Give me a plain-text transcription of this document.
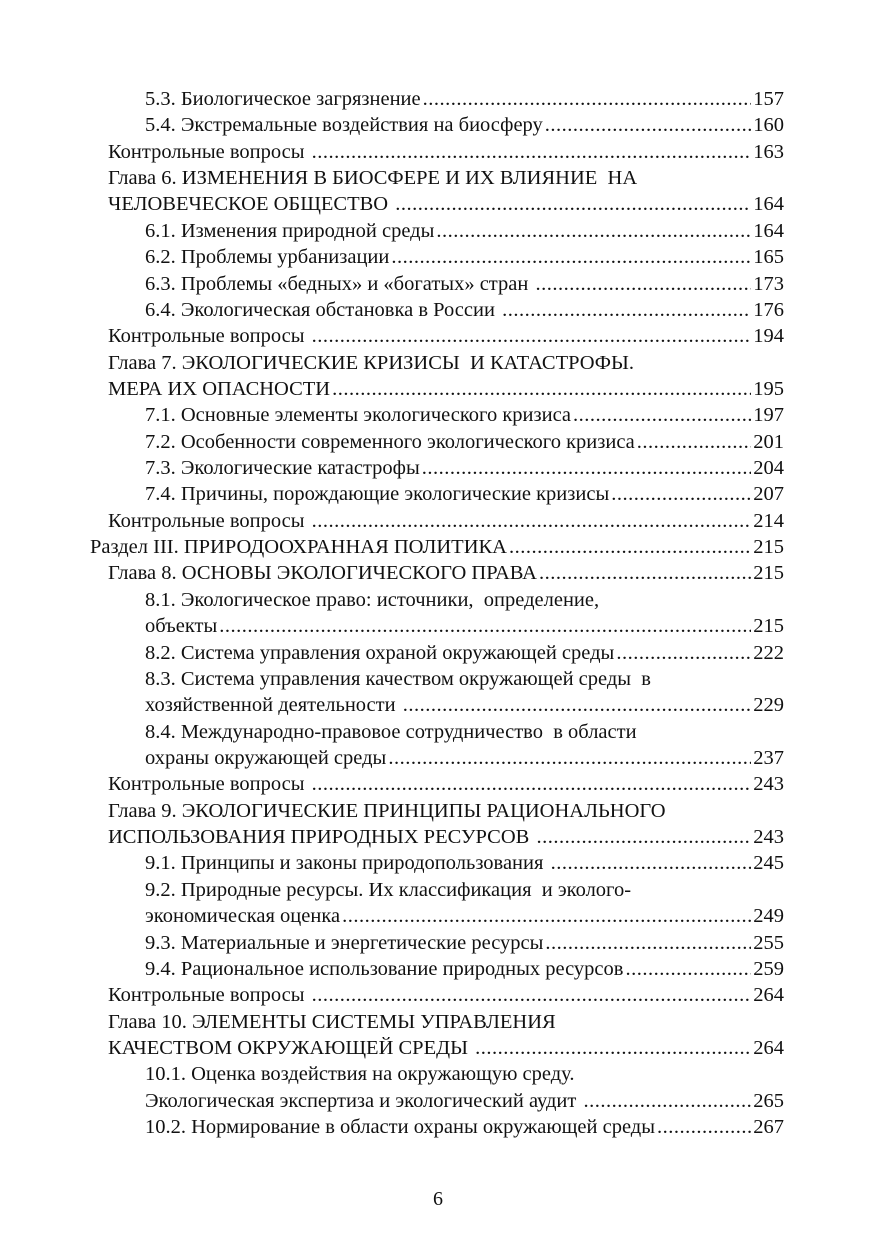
5.3. Биологическое загрязнение .....	157
5.4. Экстремальные воздействия на биосферу .....	160
Контрольные вопросы .....	163
Глава 6. ИЗМЕНЕНИЯ В БИОСФЕРЕ И ИХ ВЛИЯНИЕ  НА
ЧЕЛОВЕЧЕСКОЕ ОБЩЕСТВО .....	164
6.1. Изменения природной среды .....	164
6.2. Проблемы урбанизации .....	165
6.3. Проблемы «бедных» и «богатых» стран .....	173
6.4. Экологическая обстановка в России .....	176
Контрольные вопросы .....	194
Глава 7. ЭКОЛОГИЧЕСКИЕ КРИЗИСЫ  И КАТАСТРОФЫ.
МЕРА ИХ ОПАСНОСТИ .....	195
7.1. Основные элементы экологического кризиса .....	197
7.2. Особенности современного экологического кризиса .....	201
7.3. Экологические катастрофы .....	204
7.4. Причины, порождающие экологические кризисы .....	207
Контрольные вопросы .....	214
Раздел III. ПРИРОДООХРАННАЯ ПОЛИТИКА .....	215
Глава 8. ОСНОВЫ ЭКОЛОГИЧЕСКОГО ПРАВА .....	215
8.1. Экологическое право: источники,  определение,
объекты .....	215
8.2. Система управления охраной окружающей среды .....	222
8.3. Система управления качеством окружающей среды  в
хозяйственной деятельности .....	229
8.4. Международно-правовое сотрудничество  в области
охраны окружающей среды .....	237
Контрольные вопросы .....	243
Глава 9. ЭКОЛОГИЧЕСКИЕ ПРИНЦИПЫ РАЦИОНАЛЬНОГО
ИСПОЛЬЗОВАНИЯ ПРИРОДНЫХ РЕСУРСОВ .....	243
9.1. Принципы и законы природопользования .....	245
9.2. Природные ресурсы. Их классификация  и эколого-
экономическая оценка .....	249
9.3. Материальные и энергетические ресурсы .....	255
9.4. Рациональное использование природных ресурсов .....	259
Контрольные вопросы .....	264
Глава 10. ЭЛЕМЕНТЫ СИСТЕМЫ УПРАВЛЕНИЯ
КАЧЕСТВОМ ОКРУЖАЮЩЕЙ СРЕДЫ .....	264
10.1. Оценка воздействия на окружающую среду.
Экологическая экспертиза и экологический аудит .....	265
10.2. Нормирование в области охраны окружающей среды .....	267
6
